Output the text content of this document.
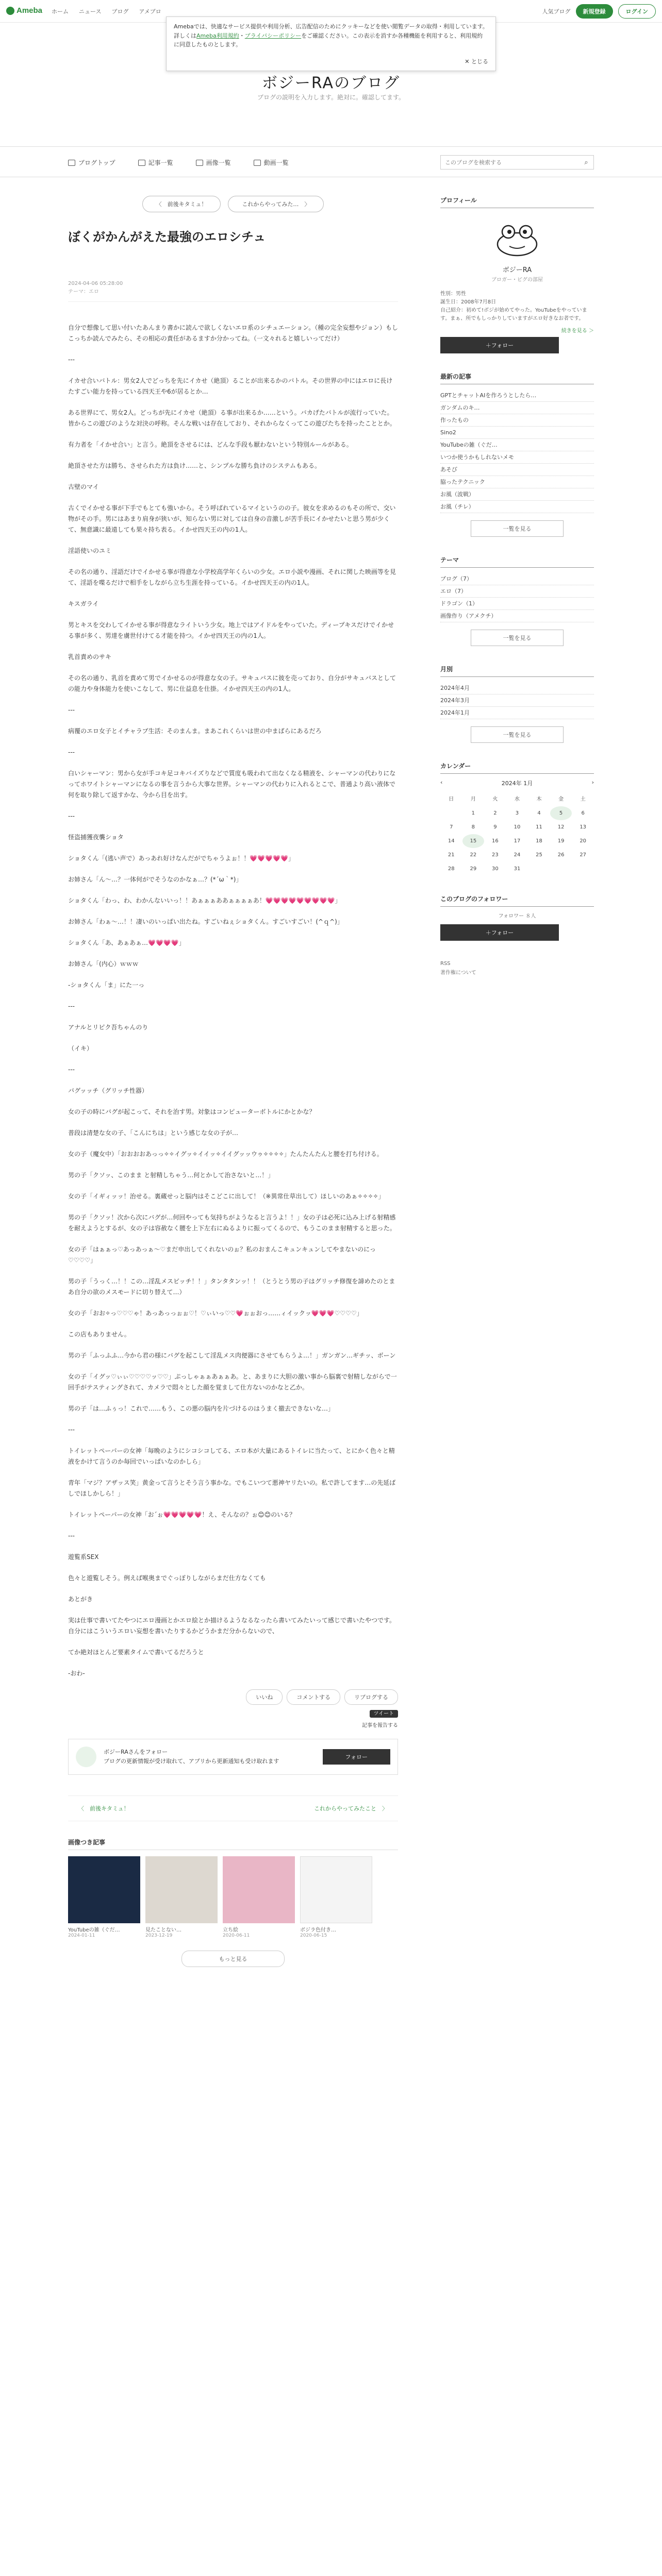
Ameba ホーム ニュース ブログ アメブロ	人気ブログ	新規登録	ログイン
Amebaでは、快適なサービス提供や利用分析、広告配信のためにクッキーなどを使い閲覧データの取得・利用しています。詳しくはAmeba利用規約・プライバシーポリシーをご確認ください。この表示を消すか各種機能を利用すると、利用規約に同意したものとします。
✕ とじる
ボジーRAのブログ
ブログの説明を入力します。絶対に。確認してます。
ブログトップ	記事一覧	画像一覧	動画一覧
このブログを検索する	⌕
〈　前後キタミュ！	これからやってみた…　〉
ぼくがかんがえた最強のエロシチュ
2024-04-06 05:28:00
テーマ：エロ

自分で想像して思い付いたあんまり書かに読んで欲しくないエロ系のシチュエーション。（種の完全妄想やジョン）もしこっちか読んでみたら、その相応の責任があるますか分かってね。（一文々れると嬉しいってだけ）

---

イカせ合いバトル：男女2人でどっちを先にイカせ（絶頂）ることが出来るかのバトル。その世界の中にはエロに長けたすごい能力を持っている四天王や6が居るとか…

ある世界にて、男女2人。どっちが先にイカせ（絶頂）る事が出来るか……という。バカげたバトルが流行っていた。皆からこの遊びのような対決の呼称。そんな戦いは存在しており、それからなくってこの遊びたちを持ったこととか。

有力者を「イかせ合い」と言う。絶頂をさせるには、どんな手段も厭わないという特別ルールがある。

絶頂させた方は勝ち、させられた方は負け……と、シンプルな勝ち負けのシステムもある。

古壁のマイ

古くでイかせる事が下手でもとても強いから。そう呼ばれているマイというのの子。彼女を求めるのもその所で、交い物がその手。男にはあまり肩身が狭いが、知らない男に対しては自身の音激しが苦手長にイかせたいと思う男が少くて、無意識に最遠しても果々持ち表る。イかせ四天王の内の1人。

淫語使いのユミ

その名の通り、淫語だけでイかせる事が得意な小学校高学年くらいの少女。エロ小説や漫画、それに関した映画等を見て、淫語を喋るだけで相手をしながら立ち生涯を持っている。イかせ四天王の内の1人。

キスガライ

男とキスを交わしてイかせる事が得意なライトいう少女。地上ではアイドルをやっていた。ディープキスだけでイかせる事が多く、男達を虜世付けてる才能を持つ。イかせ四天王の内の1人。

乳首責めのサキ

その名の通り、乳首を責めて男でイかせるのが得意な女の子。サキュバスに彼を売っており、自分がサキュバスとしての能力や身体能力を使いこなして、男に仕益息を仕掛。イかせ四天王の内の1人。

---

病覆のエロ女子とイチャラブ生活：そのまんま。まあこれくらいは世の中まばらにあるだろ

---

白いシャーマン：男から女が手コキ足コキバイズりなどで質度も吸われて出なくなる精液を、シャーマンの代わりになってホワイトシャーマンになるの事を言うから大事な世界。シャーマンの代わりに入れるとこで、普通より高い液体で何を取り除して返すかな、今から目を出す。

---

怪盗捕獲夜襲ショタ

ショタくん「(逃い声で）あっあれ好けなんだがでちゃうよぉ！！💗💗💗💗💗」

お姉さん「ん〜…？一体何がでそうなのかなぁ…？(*´ω｀*)」

ショタくん「わっ、わ、わかんないいっ！！あぁぁぁああぁぁぁぁあ！💗💗💗💗💗💗💗💗💗」

お姉さん「わぁ〜…！！凄いのいっぱい出たね。すごいねぇショタくん。すごいすごい！(^ｑ^)」

ショタくん「あ、あぁあぁ…💗💗💗💗」

お姉さん「(内心）ｗｗｗ

-ショタくん「ま」にた一っ

---

アナルとリピク吾ちゃんのり

（イキ）

---

バグッッチ（グリッチ性器）

女の子の時にバグが起こって、それを治す男。対象はコンピューターボトルにかとかな？

普段は清楚な女の子、「こんにちは」という感じな女の子が…

女の子（魔女中）「おおおおあっっ✧✧イグッ✧イイッ✧イイグッッウゥ✧✧✧✧」たんたんたんと腰を打ち付ける。

男の子「クソッ、このまま と射精しちゃう…何とかして治さないと…！」

女の子「イギィッッ！治せる。裏蔵せっと脳内はそこどこに出して！（※異常仕草出して）ほしいのあぁ✧✧✧✧」

男の子「クソッ！次から次にバグが…何回やっても気持ちがようなると言うよ！！」女の子は必死に込み上げる射精感を耐えようとするが、女の子は容赦なく腰を上下左右にぬるよりに振ってくるので、もうこのまま射精すると思った。

女の子「はぁぁっ♡あっあっぁ〜♡まだ申出してくれないのぉ？私のおまんこキュンキュンしてやまないのにっ♡♡♡♡」

男の子「うっく…！！この…淫乱メスビッチ！！」タンタタンッ！！（とうとう男の子はグリッチ修復を諦めたのとまあ自分の欲のメスモードに切り替えて…）

女の子「おお✧っ♡♡♡ゃ！あっあっっぉぉ♡！♡ぃいっ♡♡💗ぉぉおっ……ィイックッ💗💗💗♡♡♡♡」

この店もありません。

男の子「ふっふふ…今から君の様にバグを起こして淫乱メス肉便器にさせてもらうよ…！」ガンガン…ギチッ、ボーン

女の子「イグッ♡ぃぃ♡♡♡♡ッ♡♡」ぷっしゃぁぁあぁぁあ。と、あまりに大胆の激い事から脳裏で射精しながらで一回手がテスティングされて、カメラで悶々とした顔を覚まして仕方ないのかなと乙か。

男の子「は…ふぅっ！これで……もう、この悪の脳内を片づけるのはうまく撤去できないな…」

---

トイレットペーパーの女神「毎晩のようにシコシコしてる、エロ本が大量にあるトイレに当たって、とにかく色々と精液をかけて言うのか毎回でいっぱいなのかしら」

青年「マジ？アザッス笑」黄金って言うとそう言う事かな。でもこいつて悪神ヤリたいの。私で許してます…の先延ばしでほしかしら！」

トイレットペーパーの女神「お´ぉ💗💗💗💗💗！え、そんなの？ぉ😊😊のいる？

---

遊覧系SEX

色々と遊覧しそう。例えば喉奥までぐっぽりしながらまだ仕方なくても

あとがき

実は仕事で書いてたやつにエロ漫画とかエロ絵とか描けるようなるなったら書いてみたいって感じで書いたやつです。自分にはこういうエロい妄想を書いたりするかどうかまだ分からないので、

てか絶対ほとんど要素タイムで書いてるだろうと

-おわ-

いいね	コメントする	リブログする
ツイート
記事を報告する
ボジーRAさんをフォロー
ブログの更新情報が受け取れて、アプリから更新通知も受け取れます
フォロー
〈　前後キタミュ！	これからやってみたこと　〉
画像つき記事
YouTubeの雑（ぐだ…
2024-01-11
見たことない…
2023-12-19
立ち絵
2020-06-11
ボジラ色付き…
2020-06-15
もっと見る
プロフィール
ボジーRA
ブロガー・ピグの部屋
性別：男性
誕生日：2008年7月8日
自己紹介：初めて!ボジが始めてやった。YouTubeをやっています。まぁ、所でもしっかりしていますがエロ好きなお者です。
続きを見る ＞
＋フォロー
最新の記事
GPTとチャットAIを作ろうとしたら…
ガンダムのキ…
作ったもの
Sino2
YouTubeの雑（ぐだ…
いつか使うかもしれないメモ
あそび
脇ったテクニック
お風（波戦）
お風（チレ）
一覧を見る
テーマ
ブログ（7）
エロ（7）
ドラゴン（1）
画像作り（アメクチ）
一覧を見る
月別
2024年4月
2024年3月
2024年1月
一覧を見る
カレンダー
‹	2024年 1月	›
日	月	火	水	木	金	土
	1	2	3	4	5	6
7	8	9	10	11	12	13
14	15	16	17	18	19	20
21	22	23	24	25	26	27
28	29	30	31			
このブログのフォロワー
フォロワー ８人
＋フォロー
RSS
著作権について
